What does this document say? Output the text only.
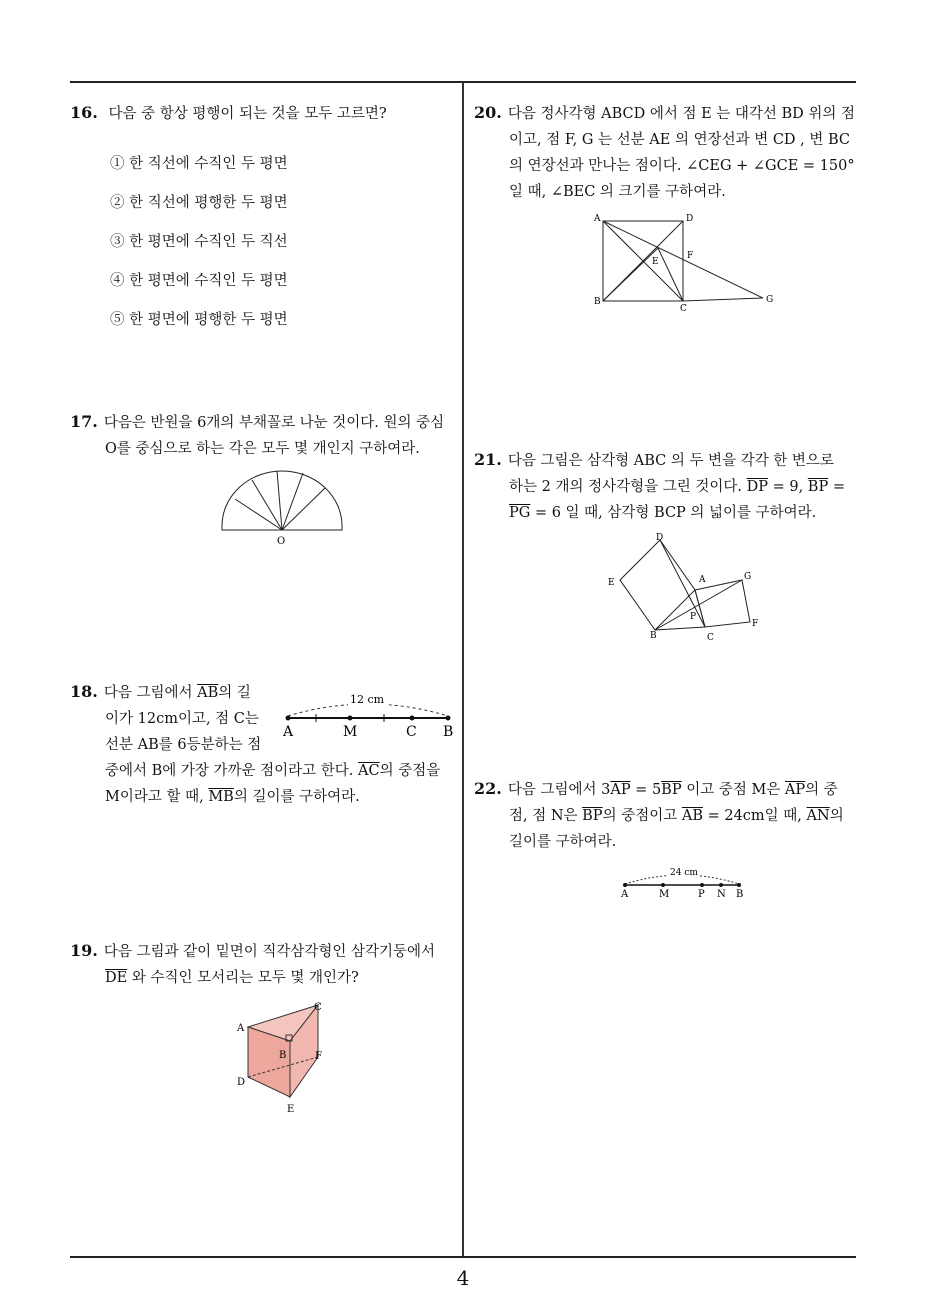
4
16. 다음 중 항상 평행이 되는 것을 모두 고르면?
① 한 직선에 수직인 두 평면
② 한 직선에 평행한 두 평면
③ 한 평면에 수직인 두 직선
④ 한 평면에 수직인 두 평면
⑤ 한 평면에 평행한 두 평면
17. 다음은 반원을 6개의 부채꼴로 나눈 것이다. 원의 중심
O를 중심으로 하는 각은 모두 몇 개인지 구하여라.
O
18. 다음 그림에서 $\overline{AB}$의 길
이가 12cm이고, 점 C는
선분 AB를 6등분하는 점
중에서 B에 가장 가까운 점이라고 한다. $\overline{AC}$의 중점을
M이라고 할 때, $\overline{MB}$의 길이를 구하여라.
12 cm
A	M	C B
19. 다음 그림과 같이 밑면이 직각삼각형인 삼각기둥에서
$\overline{DE}$ 와 수직인 모서리는 모두 몇 개인가?
A
B
C
D
E
F
20. 다음 정사각형 ABCD 에서 점 E 는 대각선 BD 위의 점
이고, 점 F, G 는 선분 AE 의 연장선과 변 CD , 변 BC
의 연장선과 만나는 점이다. ∠CEG + ∠GCE = 150°
일 때, ∠BEC 의 크기를 구하여라.
A	D
E
F
B
C
G
21. 다음 그림은 삼각형 ABC 의 두 변을 각각 한 변으로
하는 2 개의 정사각형을 그린 것이다. $\overline{DP} = 9$, $\overline{BP}$ =
$\overline{PG} = 6$ 일 때, 삼각형 BCP 의 넓이를 구하여라.
D
E	A	G
P
B	C
F
22. 다음 그림에서 $3\overline{AP} = 5\overline{BP}$ 이고 중점 M은 $\overline{AP}$의 중
점, 점 N은 $\overline{BP}$의 중점이고 $\overline{AB} = 24cm$일 때, $\overline{AN}$의
길이를 구하여라.
24 cm
A	M	P N B
